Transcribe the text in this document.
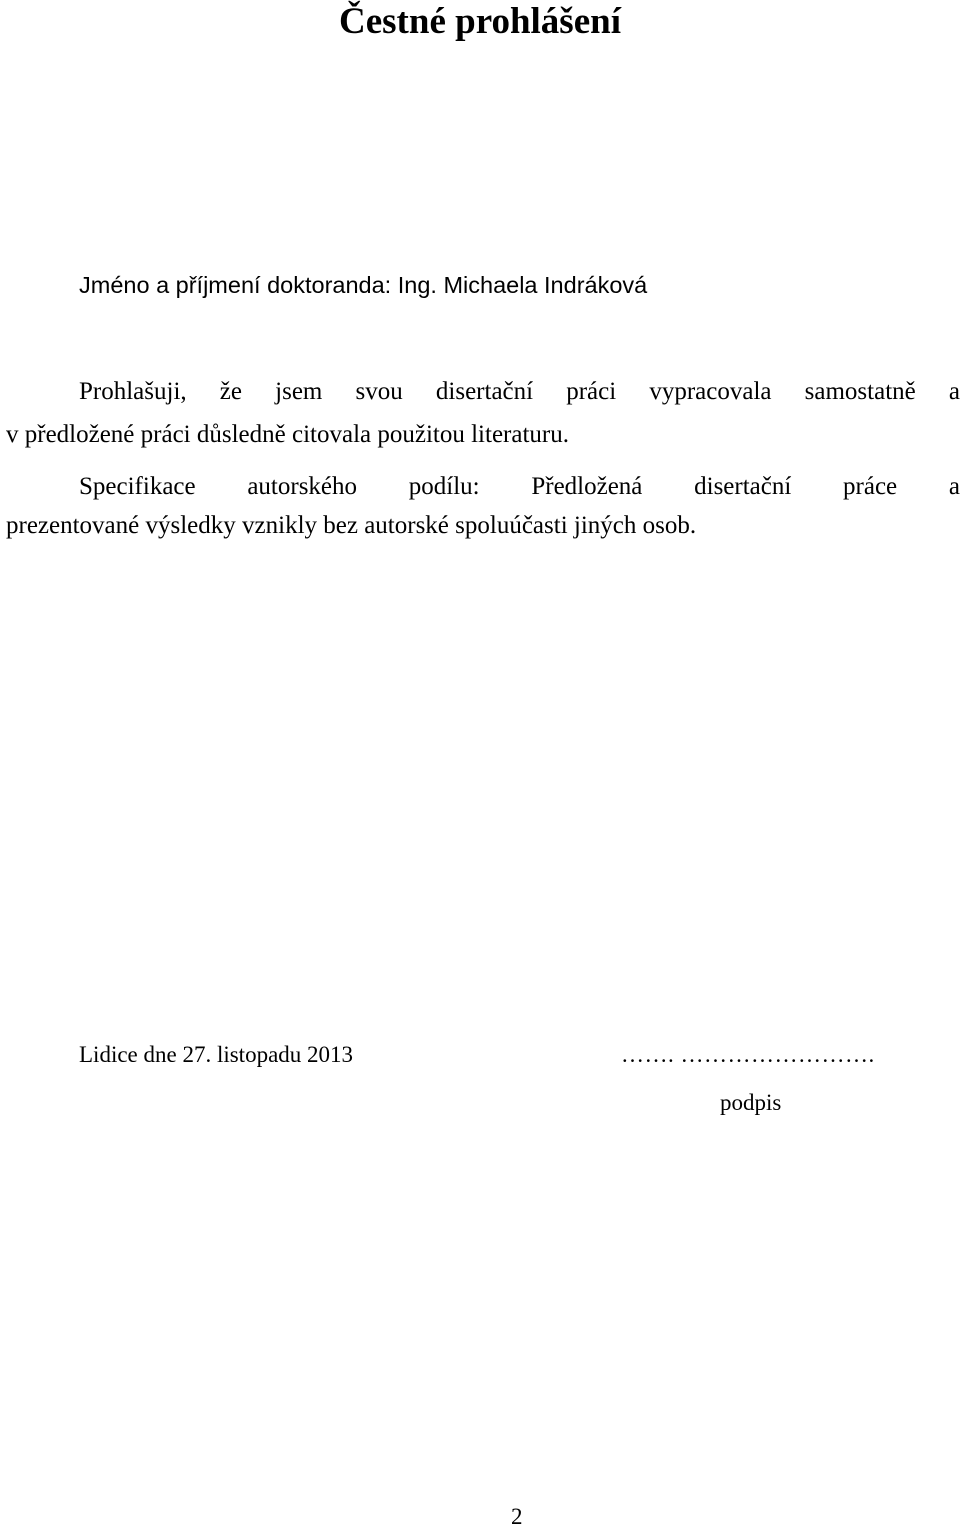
Čestné prohlášení

Jméno a příjmení doktoranda: Ing. Michaela Indráková

Prohlašuji, že jsem svou disertační práci vypracovala samostatně a

v předložené práci důsledně citovala použitou literaturu.

Specifikace autorského podílu: Předložená disertační práce a

prezentované výsledky vznikly bez autorské spoluúčasti jiných osob.

Lidice dne 27. listopadu 2013	……. …………………….

podpis

2
